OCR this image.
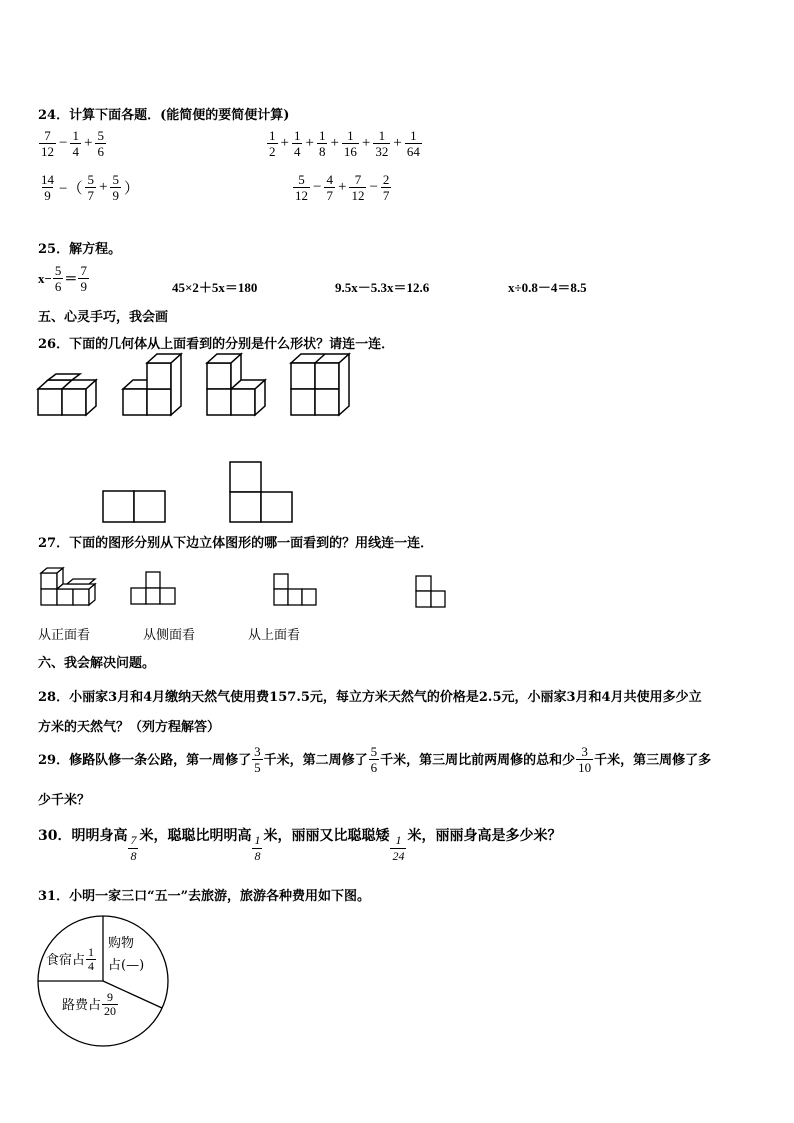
24．计算下面各题．(能简便的要简便计算)
$\frac{7}{12} - \frac{1}{4} + \frac{5}{6}$
$\frac{14}{9}$ −（ $\frac{5}{7} + \frac{5}{9}$ ）
$\frac{1}{2} + \frac{1}{4} + \frac{1}{8} + \frac{1}{16} + \frac{1}{32} + \frac{1}{64}$
$\frac{5}{12} - \frac{4}{7} + \frac{7}{12} - \frac{2}{7}$
25．解方程。
$x- \frac{5}{6} = \frac{7}{9}$	45×2＋5x＝180	9.5x－5.3x＝12.6	x÷0.8－4＝8.5
五、心灵手巧，我会画
26．下面的几何体从上面看到的分别是什么形状？请连一连．
27．下面的图形分别从下边立体图形的哪一面看到的？用线连一连．
从正面看	从侧面看	从上面看
六、我会解决问题。
28．小丽家3月和4月缴纳天然气使用费157.5元，每立方米天然气的价格是2.5元，小丽家3月和4月共使用多少立
方米的天然气？（列方程解答）
29．修路队修一条公路，第一周修了 $\frac{3}{5}$ 千米，第二周修了 $\frac{5}{6}$ 千米，第三周比前两周修的总和少 $\frac{3}{10}$ 千米，第三周修了多
少千米？
30．明明身高 $\frac{7}{8}$ 米，聪聪比明明高 $\frac{1}{8}$ 米，丽丽又比聪聪矮 $\frac{1}{24}$ 米，丽丽身高是多少米？
31．小明一家三口“五一”去旅游，旅游各种费用如下图。
食宿占 $\frac{1}{4}$
购物
占(—)
路费占 $\frac{9}{20}$
